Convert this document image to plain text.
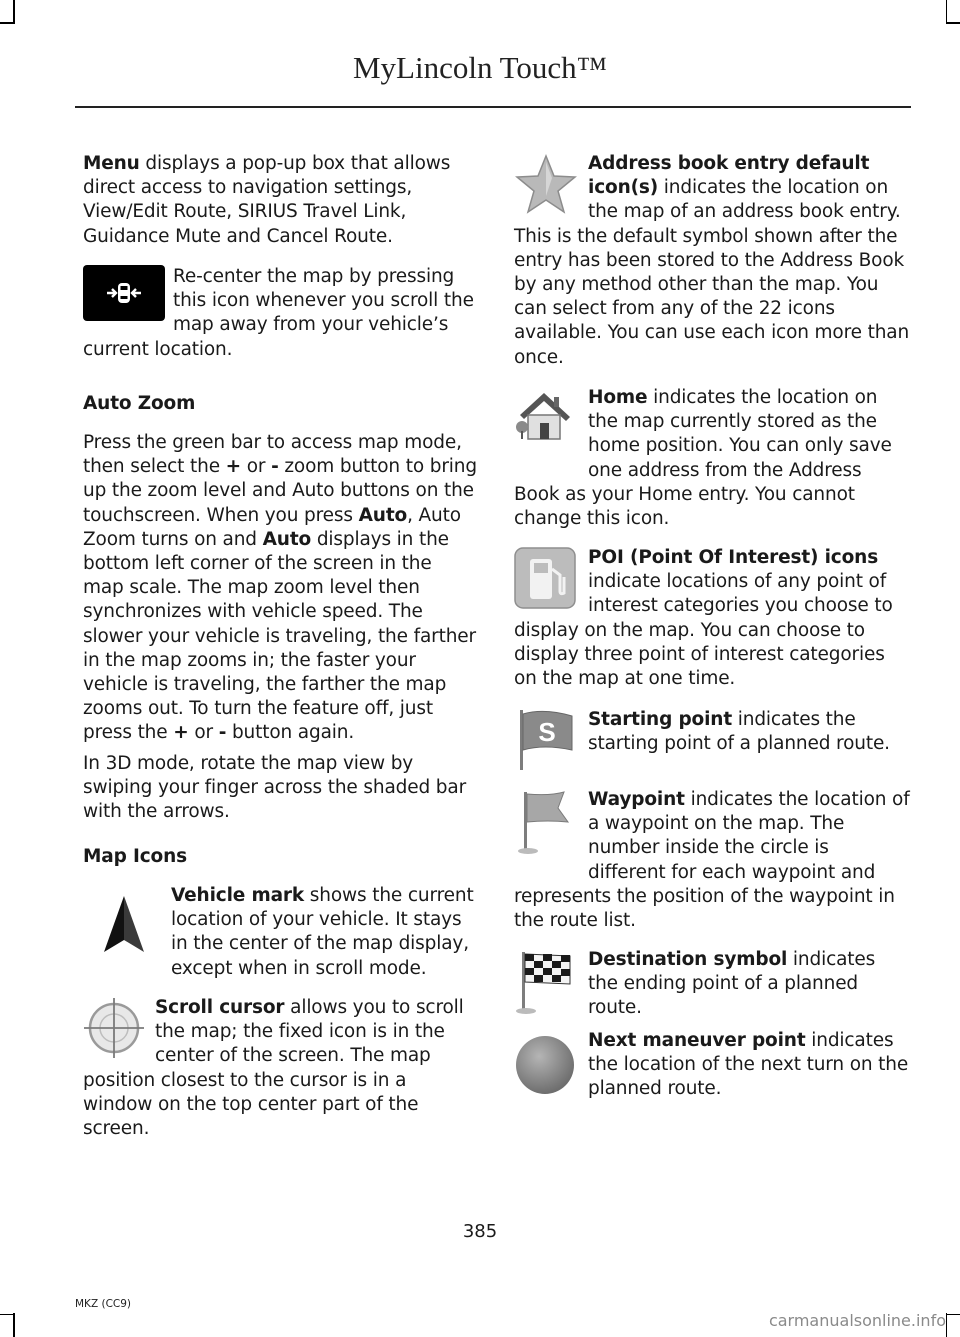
MyLincoln Touch™
Menu displays a pop-up box that allows direct access to navigation settings, View/Edit Route, SIRIUS Travel Link, Guidance Mute and Cancel Route.
Re-center the map by pressing this icon whenever you scroll the map away from your vehicle’s current location.
Auto Zoom
Press the green bar to access map mode, then select the + or - zoom button to bring up the zoom level and Auto buttons on the touchscreen. When you press Auto, Auto Zoom turns on and Auto displays in the bottom left corner of the screen in the map scale. The map zoom level then synchronizes with vehicle speed. The slower your vehicle is traveling, the farther in the map zooms in; the faster your vehicle is traveling, the farther the map zooms out. To turn the feature off, just press the + or - button again.
In 3D mode, rotate the map view by swiping your finger across the shaded bar with the arrows.
Map Icons
Vehicle mark shows the current location of your vehicle. It stays in the center of the map display, except when in scroll mode.
Scroll cursor allows you to scroll the map; the fixed icon is in the center of the screen. The map position closest to the cursor is in a window on the top center part of the screen.
Address book entry default icon(s) indicates the location on the map of an address book entry. This is the default symbol shown after the entry has been stored to the Address Book by any method other than the map. You can select from any of the 22 icons available. You can use each icon more than once.
Home indicates the location on the map currently stored as the home position. You can only save one address from the Address Book as your Home entry. You cannot change this icon.
POI (Point Of Interest) icons indicate locations of any point of interest categories you choose to display on the map. You can choose to display three point of interest categories on the map at one time.
S Starting point indicates the starting point of a planned route.
Waypoint indicates the location of a waypoint on the map. The number inside the circle is different for each waypoint and represents the position of the waypoint in the route list.
Destination symbol indicates the ending point of a planned route.
Next maneuver point indicates the location of the next turn on the planned route.
385
MKZ (CC9)
carmanualsonline.info
